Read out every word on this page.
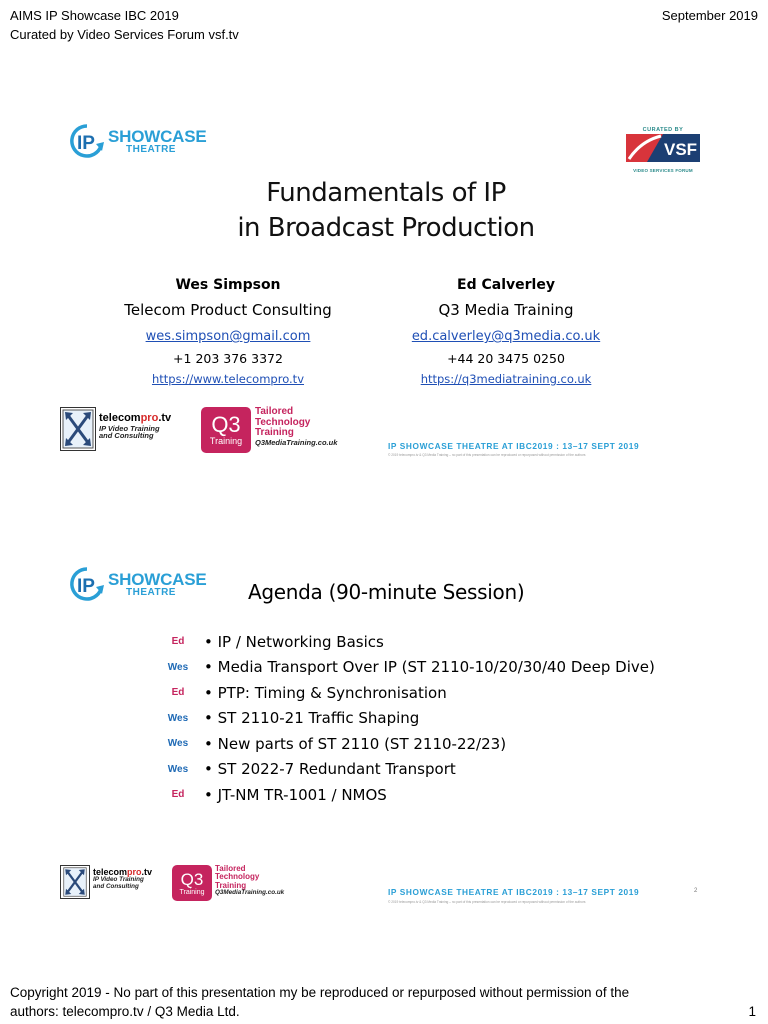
AIMS IP Showcase IBC 2019
Curated by Video Services Forum vsf.tv
September 2019
IP SHOWCASE
THEATRE
CURATED BY
VSF
VIDEO SERVICES FORUM
Fundamentals of IP
in Broadcast Production
Wes Simpson
Telecom Product Consulting
wes.simpson@gmail.com
+1 203 376 3372
https://www.telecompro.tv
Ed Calverley
Q3 Media Training
ed.calverley@q3media.co.uk
+44 20 3475 0250
https://q3mediatraining.co.uk
telecompro.tv
IP Video Training
and Consulting	Q3
Training
Tailored
Technology
Training
Q3MediaTraining.co.uk	IP SHOWCASE THEATRE AT IBC2019 : 13–17 SEPT 2019
© 2019 telecompro.tv & Q3 Media Training – no part of this presentation can be reproduced or repurposed without permission of the authors
IP SHOWCASE
THEATRE	Agenda (90-minute Session)
Ed	• IP / Networking Basics
Wes	• Media Transport Over IP (ST 2110-10/20/30/40 Deep Dive)
Ed	• PTP: Timing & Synchronisation
Wes	• ST 2110-21 Traffic Shaping
Wes	• New parts of ST 2110 (ST 2110-22/23)
Wes	• ST 2022-7 Redundant Transport
Ed	• JT-NM TR-1001 / NMOS
telecompro.tv
IP Video Training
and Consulting	Q3
Training
Tailored
Technology
Training
Q3MediaTraining.co.uk	IP SHOWCASE THEATRE AT IBC2019 : 13–17 SEPT 2019	2
© 2019 telecompro.tv & Q3 Media Training – no part of this presentation can be reproduced or repurposed without permission of the authors
Copyright 2019 - No part of this presentation my be reproduced or repurposed without permission of the authors: telecompro.tv / Q3 Media Ltd.	1
